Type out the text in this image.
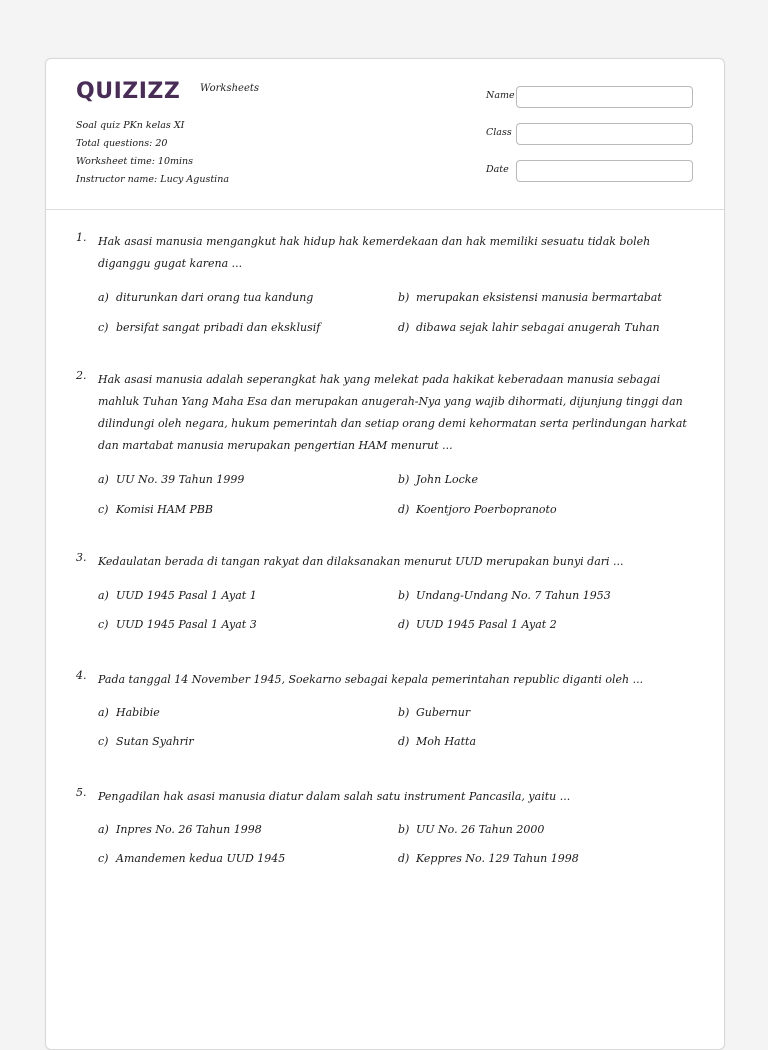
QUIZIZZ Worksheets
Soal quiz PKn kelas XI
Total questions: 20
Worksheet time: 10mins
Instructor name: Lucy Agustina
Name
Class
Date
1. Hak asasi manusia mengangkut hak hidup hak kemerdekaan dan hak memiliki sesuatu tidak boleh diganggu gugat karena ...
a) diturunkan dari orang tua kandung	b) merupakan eksistensi manusia bermartabat
c) bersifat sangat pribadi dan eksklusif	d) dibawa sejak lahir sebagai anugerah Tuhan
2. Hak asasi manusia adalah seperangkat hak yang melekat pada hakikat keberadaan manusia sebagai mahluk Tuhan Yang Maha Esa dan merupakan anugerah-Nya yang wajib dihormati, dijunjung tinggi dan dilindungi oleh negara, hukum pemerintah dan setiap orang demi kehormatan serta perlindungan harkat dan martabat manusia merupakan pengertian HAM menurut ...
a) UU No. 39 Tahun 1999	b) John Locke
c) Komisi HAM PBB	d) Koentjoro Poerbopranoto
3. Kedaulatan berada di tangan rakyat dan dilaksanakan menurut UUD merupakan bunyi dari ...
a) UUD 1945 Pasal 1 Ayat 1	b) Undang-Undang No. 7 Tahun 1953
c) UUD 1945 Pasal 1 Ayat 3	d) UUD 1945 Pasal 1 Ayat 2
4. Pada tanggal 14 November 1945, Soekarno sebagai kepala pemerintahan republic diganti oleh ...
a) Habibie	b) Gubernur
c) Sutan Syahrir	d) Moh Hatta
5. Pengadilan hak asasi manusia diatur dalam salah satu instrument Pancasila, yaitu ...
a) Inpres No. 26 Tahun 1998	b) UU No. 26 Tahun 2000
c) Amandemen kedua UUD 1945	d) Keppres No. 129 Tahun 1998
